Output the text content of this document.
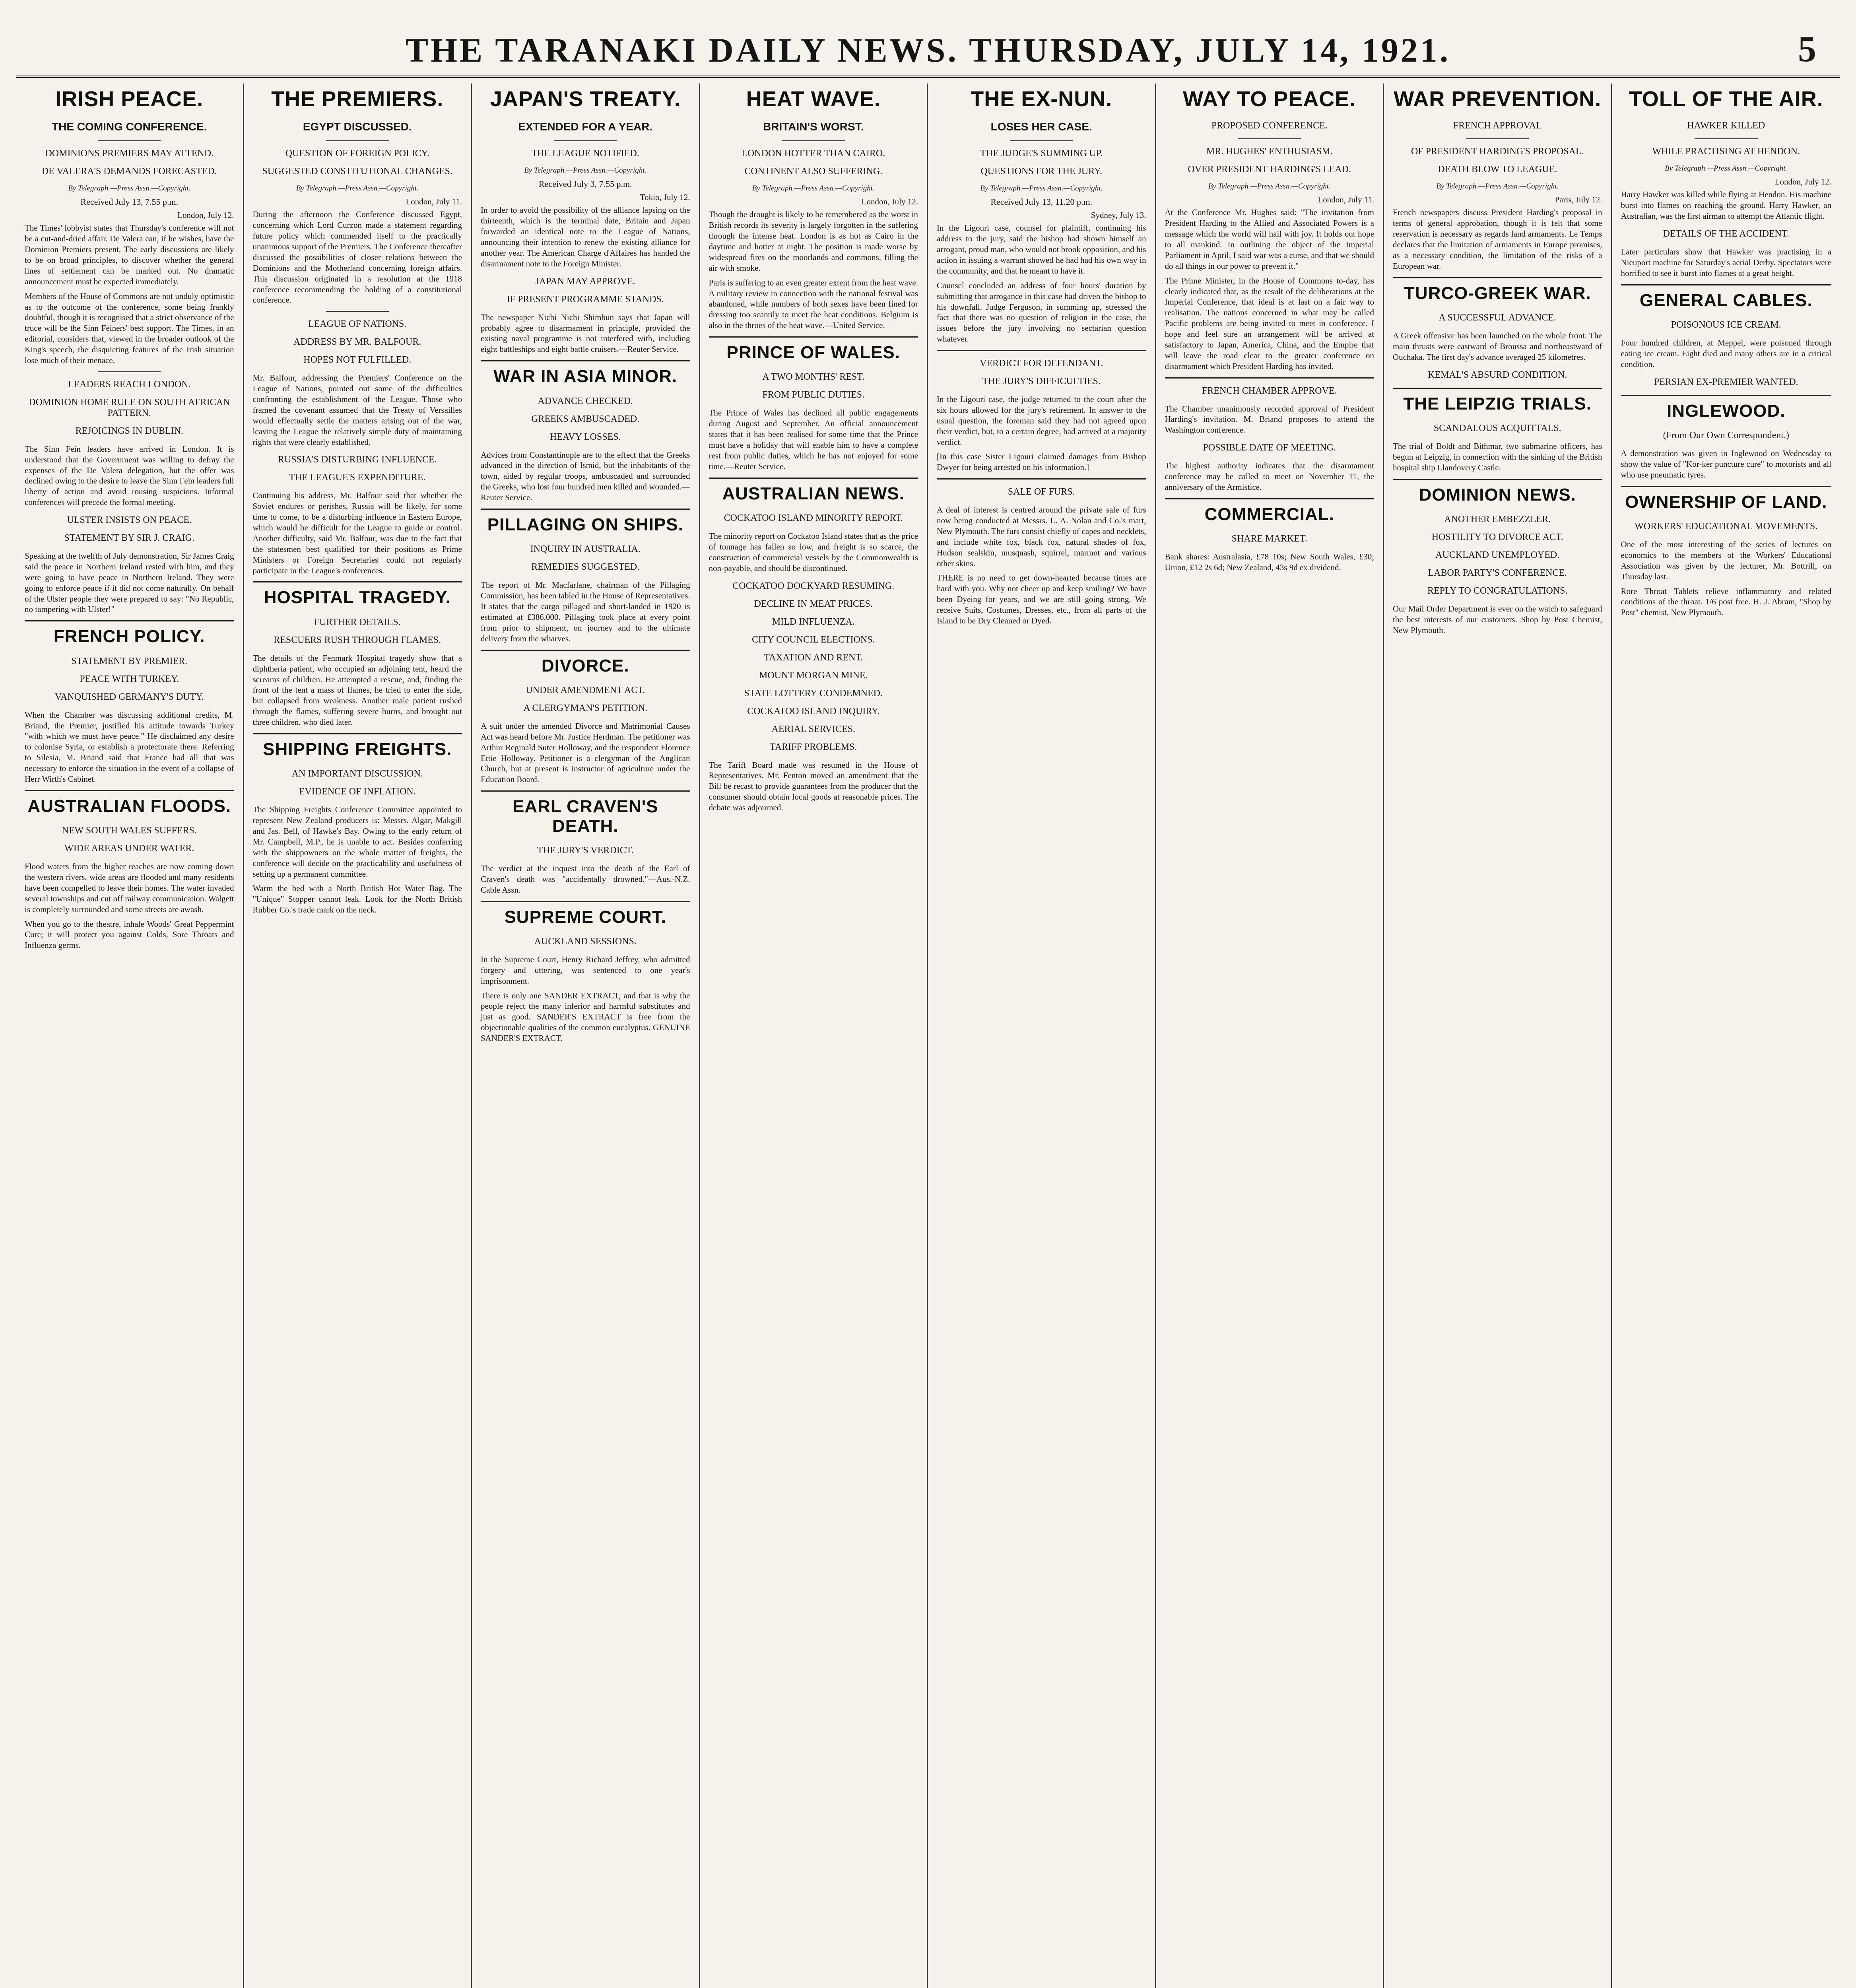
THE TARANAKI DAILY NEWS. THURSDAY, JULY 14, 1921.	5
IRISH PEACE.
THE COMING CONFERENCE.
DOMINIONS PREMIERS MAY ATTEND.
DE VALERA'S DEMANDS FORECASTED.
By Telegraph.—Press Assn.—Copyright.
Received July 13, 7.55 p.m.
London, July 12.

The Times' lobbyist states that Thursday's conference will not be a cut-and-dried affair. De Valera can, if he wishes, have the Dominion Premiers present. The early discussions are likely to be on broad principles, to discover whether the general lines of settlement can be marked out. No dramatic announcement must be expected immediately.

Members of the House of Commons are not unduly optimistic as to the outcome of the conference, some being frankly doubtful, though it is recognised that a strict observance of the truce will be the Sinn Feiners' best support. The Times, in an editorial, considers that, viewed in the broader outlook of the King's speech, the disquieting features of the Irish situation lose much of their menace.

LEADERS REACH LONDON.
DOMINION HOME RULE ON SOUTH AFRICAN PATTERN.
REJOICINGS IN DUBLIN.

The Sinn Fein leaders have arrived in London. It is understood that the Government was willing to defray the expenses of the De Valera delegation, but the offer was declined owing to the desire to leave the Sinn Fein leaders full liberty of action and avoid rousing suspicions. Informal conferences will precede the formal meeting.

ULSTER INSISTS ON PEACE.
STATEMENT BY SIR J. CRAIG.

Speaking at the twelfth of July demonstration, Sir James Craig said the peace in Northern Ireland rested with him, and they were going to have peace in Northern Ireland. They were going to enforce peace if it did not come naturally. On behalf of the Ulster people they were prepared to say: "No Republic, no tampering with Ulster!"

FRENCH POLICY.
STATEMENT BY PREMIER.
PEACE WITH TURKEY.
VANQUISHED GERMANY'S DUTY.

When the Chamber was discussing additional credits, M. Briand, the Premier, justified his attitude towards Turkey "with which we must have peace." He disclaimed any desire to colonise Syria, or establish a protectorate there. Referring to Silesia, M. Briand said that France had all that was necessary to enforce the situation in the event of a collapse of Herr Wirth's Cabinet.

AUSTRALIAN FLOODS.
NEW SOUTH WALES SUFFERS.
WIDE AREAS UNDER WATER.

Flood waters from the higher reaches are now coming down the western rivers, wide areas are flooded and many residents have been compelled to leave their homes. The water invaded several townships and cut off railway communication. Walgett is completely surrounded and some streets are awash.

When you go to the theatre, inhale Woods' Great Peppermint Cure; it will protect you against Colds, Sore Throats and Influenza germs.

THE PREMIERS.
EGYPT DISCUSSED.
QUESTION OF FOREIGN POLICY.
SUGGESTED CONSTITUTIONAL CHANGES.
By Telegraph.—Press Assn.—Copyright.
London, July 11.

During the afternoon the Conference discussed Egypt, concerning which Lord Curzon made a statement regarding future policy which commended itself to the practically unanimous support of the Premiers. The Conference thereafter discussed the possibilities of closer relations between the Dominions and the Motherland concerning foreign affairs. This discussion originated in a resolution at the 1918 conference recommending the holding of a constitutional conference.

LEAGUE OF NATIONS.
ADDRESS BY MR. BALFOUR.
HOPES NOT FULFILLED.

Mr. Balfour, addressing the Premiers' Conference on the League of Nations, pointed out some of the difficulties confronting the establishment of the League. Those who framed the covenant assumed that the Treaty of Versailles would effectually settle the matters arising out of the war, leaving the League the relatively simple duty of maintaining rights that were clearly established.

RUSSIA'S DISTURBING INFLUENCE.
THE LEAGUE'S EXPENDITURE.

Continuing his address, Mr. Balfour said that whether the Soviet endures or perishes, Russia will be likely, for some time to come, to be a disturbing influence in Eastern Europe, which would be difficult for the League to guide or control. Another difficulty, said Mr. Balfour, was due to the fact that the statesmen best qualified for their positions as Prime Ministers or Foreign Secretaries could not regularly participate in the League's conferences.

HOSPITAL TRAGEDY.
FURTHER DETAILS.
RESCUERS RUSH THROUGH FLAMES.

The details of the Fenmark Hospital tragedy show that a diphtheria patient, who occupied an adjoining tent, heard the screams of children. He attempted a rescue, and, finding the front of the tent a mass of flames, he tried to enter the side, but collapsed from weakness. Another male patient rushed through the flames, suffering severe burns, and brought out three children, who died later.

SHIPPING FREIGHTS.
AN IMPORTANT DISCUSSION.
EVIDENCE OF INFLATION.

The Shipping Freights Conference Committee appointed to represent New Zealand producers is: Messrs. Algar, Makgill and Jas. Bell, of Hawke's Bay. Owing to the early return of Mr. Campbell, M.P., he is unable to act. Besides conferring with the shippowners on the whole matter of freights, the conference will decide on the practicability and usefulness of setting up a permanent committee.

Warm the bed with a North British Hot Water Bag. The "Unique" Stopper cannot leak. Look for the North British Rubber Co.'s trade mark on the neck.

JAPAN'S TREATY.
EXTENDED FOR A YEAR.
THE LEAGUE NOTIFIED.
By Telegraph.—Press Assn.—Copyright.
Received July 3, 7.55 p.m.
Tokio, July 12.

In order to avoid the possibility of the alliance lapsing on the thirteenth, which is the terminal date, Britain and Japan forwarded an identical note to the League of Nations, announcing their intention to renew the existing alliance for another year. The American Charge d'Affaires has handed the disarmament note to the Foreign Minister.

JAPAN MAY APPROVE.
IF PRESENT PROGRAMME STANDS.

The newspaper Nichi Nichi Shimbun says that Japan will probably agree to disarmament in principle, provided the existing naval programme is not interfered with, including eight battleships and eight battle cruisers.—Reuter Service.

WAR IN ASIA MINOR.
ADVANCE CHECKED.
GREEKS AMBUSCADED.
HEAVY LOSSES.

Advices from Constantinople are to the effect that the Greeks advanced in the direction of Ismid, but the inhabitants of the town, aided by regular troops, ambuscaded and surrounded the Greeks, who lost four hundred men killed and wounded.—Reuter Service.

PILLAGING ON SHIPS.
INQUIRY IN AUSTRALIA.
REMEDIES SUGGESTED.

The report of Mr. Macfarlane, chairman of the Pillaging Commission, has been tabled in the House of Representatives. It states that the cargo pillaged and short-landed in 1920 is estimated at £386,000. Pillaging took place at every point from prior to shipment, on journey and to the ultimate delivery from the wharves.

DIVORCE.
UNDER AMENDMENT ACT.
A CLERGYMAN'S PETITION.

A suit under the amended Divorce and Matrimonial Causes Act was heard before Mr. Justice Herdman. The petitioner was Arthur Reginald Suter Holloway, and the respondent Florence Ettie Holloway. Petitioner is a clergyman of the Anglican Church, but at present is instructor of agriculture under the Education Board.

EARL CRAVEN'S DEATH.
THE JURY'S VERDICT.

The verdict at the inquest into the death of the Earl of Craven's death was "accidentally drowned."—Aus.-N.Z. Cable Assn.

SUPREME COURT.
AUCKLAND SESSIONS.

In the Supreme Court, Henry Richard Jeffrey, who admitted forgery and uttering, was sentenced to one year's imprisonment.

There is only one SANDER EXTRACT, and that is why the people reject the many inferior and harmful substitutes and just as good. SANDER'S EXTRACT is free from the objectionable qualities of the common eucalyptus. GENUINE SANDER'S EXTRACT.

HEAT WAVE.
BRITAIN'S WORST.
LONDON HOTTER THAN CAIRO.
CONTINENT ALSO SUFFERING.
By Telegraph.—Press Assn.—Copyright.
London, July 12.

Though the drought is likely to be remembered as the worst in British records its severity is largely forgotten in the suffering through the intense heat. London is as hot as Cairo in the daytime and hotter at night. The position is made worse by widespread fires on the moorlands and commons, filling the air with smoke.

Paris is suffering to an even greater extent from the heat wave. A military review in connection with the national festival was abandoned, while numbers of both sexes have been fined for dressing too scantily to meet the heat conditions. Belgium is also in the throes of the heat wave.—United Service.

PRINCE OF WALES.
A TWO MONTHS' REST.
FROM PUBLIC DUTIES.

The Prince of Wales has declined all public engagements during August and September. An official announcement states that it has been realised for some time that the Prince must have a holiday that will enable him to have a complete rest from public duties, which he has not enjoyed for some time.—Reuter Service.

AUSTRALIAN NEWS.
COCKATOO ISLAND MINORITY REPORT.

The minority report on Cockatoo Island states that as the price of tonnage has fallen so low, and freight is so scarce, the construction of commercial vessels by the Commonwealth is non-payable, and should be discontinued.

COCKATOO DOCKYARD RESUMING.
DECLINE IN MEAT PRICES.
MILD INFLUENZA.
CITY COUNCIL ELECTIONS.
TAXATION AND RENT.
MOUNT MORGAN MINE.
STATE LOTTERY CONDEMNED.
COCKATOO ISLAND INQUIRY.
AERIAL SERVICES.
TARIFF PROBLEMS.

The Tariff Board made was resumed in the House of Representatives. Mr. Fenton moved an amendment that the Bill be recast to provide guarantees from the producer that the consumer should obtain local goods at reasonable prices. The debate was adjourned.

THE EX-NUN.
LOSES HER CASE.
THE JUDGE'S SUMMING UP.
QUESTIONS FOR THE JURY.
By Telegraph.—Press Assn.—Copyright.
Received July 13, 11.20 p.m.
Sydney, July 13.

In the Ligouri case, counsel for plaintiff, continuing his address to the jury, said the bishop had shown himself an arrogant, proud man, who would not brook opposition, and his action in issuing a warrant showed he had had his own way in the community, and that he meant to have it.

Counsel concluded an address of four hours' duration by submitting that arrogance in this case had driven the bishop to his downfall. Judge Ferguson, in summing up, stressed the fact that there was no question of religion in the case, the issues before the jury involving no sectarian question whatever.

VERDICT FOR DEFENDANT.
THE JURY'S DIFFICULTIES.

In the Ligouri case, the judge returned to the court after the six hours allowed for the jury's retirement. In answer to the usual question, the foreman said they had not agreed upon their verdict, but, to a certain degree, had arrived at a majority verdict.

[In this case Sister Ligouri claimed damages from Bishop Dwyer for being arrested on his information.]

SALE OF FURS.

A deal of interest is centred around the private sale of furs now being conducted at Messrs. L. A. Nolan and Co.'s mart, New Plymouth. The furs consist chiefly of capes and necklets, and include white fox, black fox, natural shades of fox, Hudson sealskin, musquash, squirrel, marmot and various other skins.

THERE is no need to get down-hearted because times are hard with you. Why not cheer up and keep smiling? We have been Dyeing for years, and we are still going strong. We receive Suits, Costumes, Dresses, etc., from all parts of the Island to be Dry Cleaned or Dyed.

WAY TO PEACE.
PROPOSED CONFERENCE.
MR. HUGHES' ENTHUSIASM.
OVER PRESIDENT HARDING'S LEAD.
By Telegraph.—Press Assn.—Copyright.
London, July 11.

At the Conference Mr. Hughes said: "The invitation from President Harding to the Allied and Associated Powers is a message which the world will hail with joy. It holds out hope to all mankind. In outlining the object of the Imperial Parliament in April, I said war was a curse, and that we should do all things in our power to prevent it."

The Prime Minister, in the House of Commons to-day, has clearly indicated that, as the result of the deliberations at the Imperial Conference, that ideal is at last on a fair way to realisation. The nations concerned in what may be called Pacific problems are being invited to meet in conference. I hope and feel sure an arrangement will be arrived at satisfactory to Japan, America, China, and the Empire that will leave the road clear to the greater conference on disarmament which President Harding has invited.

FRENCH CHAMBER APPROVE.

The Chamber unanimously recorded approval of President Harding's invitation. M. Briand proposes to attend the Washington conference.

POSSIBLE DATE OF MEETING.

The highest authority indicates that the disarmament conference may be called to meet on November 11, the anniversary of the Armistice.

COMMERCIAL.
SHARE MARKET.

Bank shares: Australasia, £78 10s; New South Wales, £30; Union, £12 2s 6d; New Zealand, 43s 9d ex dividend.

WAR PREVENTION.
FRENCH APPROVAL
OF PRESIDENT HARDING'S PROPOSAL.
DEATH BLOW TO LEAGUE.
By Telegraph.—Press Assn.—Copyright.
Paris, July 12.

French newspapers discuss President Harding's proposal in terms of general approbation, though it is felt that some reservation is necessary as regards land armaments. Le Temps declares that the limitation of armaments in Europe promises, as a necessary condition, the limitation of the risks of a European war.

TURCO-GREEK WAR.
A SUCCESSFUL ADVANCE.

A Greek offensive has been launched on the whole front. The main thrusts were eastward of Broussa and northeastward of Ouchaka. The first day's advance averaged 25 kilometres.

KEMAL'S ABSURD CONDITION.
THE LEIPZIG TRIALS.
SCANDALOUS ACQUITTALS.

The trial of Boldt and Bithmar, two submarine officers, has begun at Leipzig, in connection with the sinking of the British hospital ship Llandovery Castle.

DOMINION NEWS.
ANOTHER EMBEZZLER.
HOSTILITY TO DIVORCE ACT.
AUCKLAND UNEMPLOYED.
LABOR PARTY'S CONFERENCE.
REPLY TO CONGRATULATIONS.

Our Mail Order Department is ever on the watch to safeguard the best interests of our customers. Shop by Post Chemist, New Plymouth.

TOLL OF THE AIR.
HAWKER KILLED
WHILE PRACTISING AT HENDON.
By Telegraph.—Press Assn.—Copyright.
London, July 12.

Harry Hawker was killed while flying at Hendon. His machine burst into flames on reaching the ground. Harry Hawker, an Australian, was the first airman to attempt the Atlantic flight.

DETAILS OF THE ACCIDENT.

Later particulars show that Hawker was practising in a Nieuport machine for Saturday's aerial Derby. Spectators were horrified to see it burst into flames at a great height.

GENERAL CABLES.
POISONOUS ICE CREAM.

Four hundred children, at Meppel, were poisoned through eating ice cream. Eight died and many others are in a critical condition.

PERSIAN EX-PREMIER WANTED.
INGLEWOOD.
(From Our Own Correspondent.)

A demonstration was given in Inglewood on Wednesday to show the value of "Kor-ker puncture cure" to motorists and all who use pneumatic tyres.

OWNERSHIP OF LAND.
WORKERS' EDUCATIONAL MOVEMENTS.

One of the most interesting of the series of lectures on economics to the members of the Workers' Educational Association was given by the lecturer, Mr. Bottrill, on Thursday last.

Rore Throat Tablets relieve inflammatory and related conditions of the throat. 1/6 post free. H. J. Abram, "Shop by Post" chemist, New Plymouth.
